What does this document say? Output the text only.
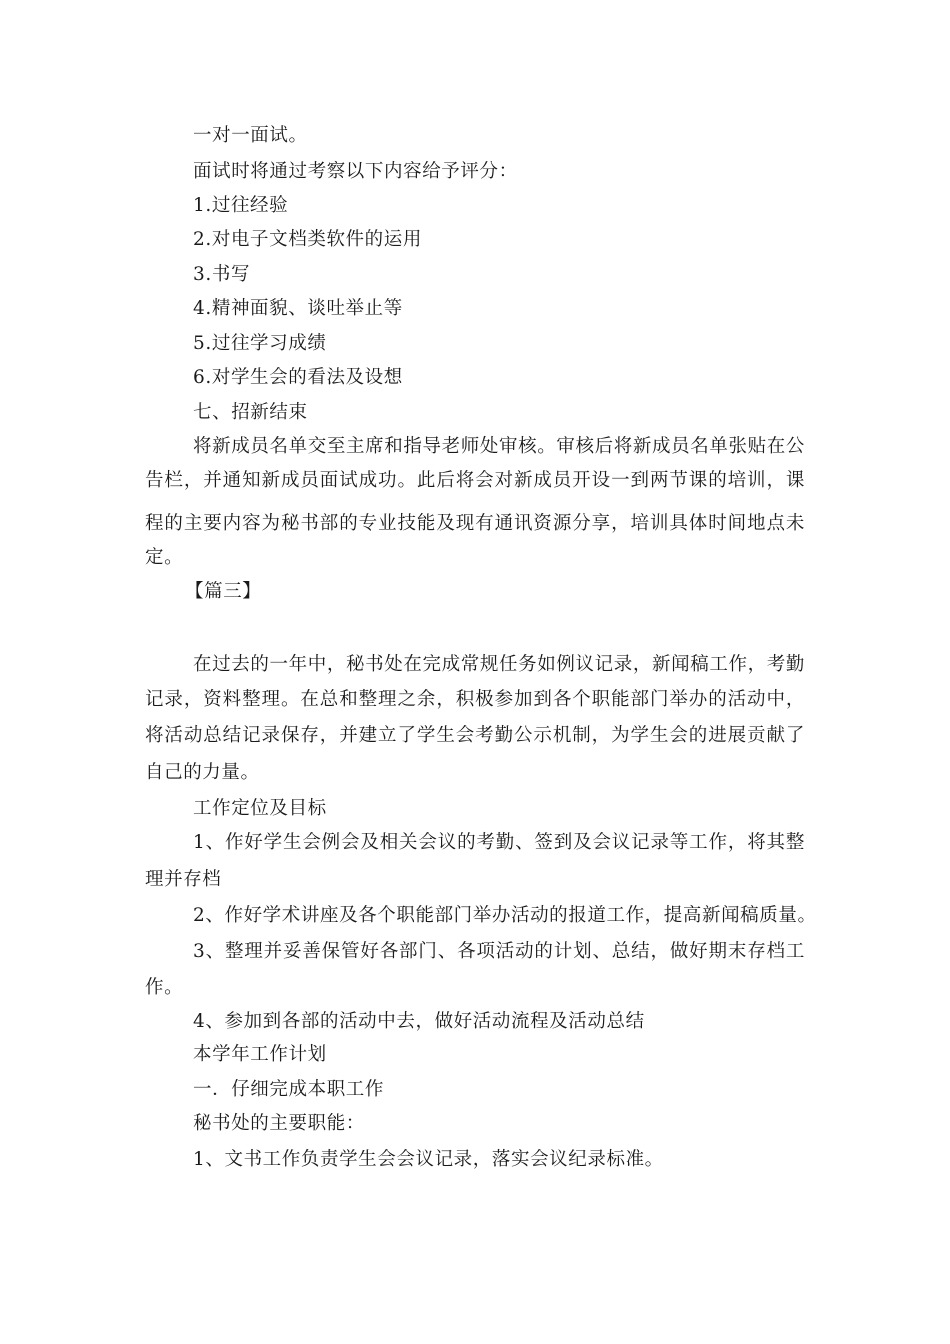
一对一面试。
面试时将通过考察以下内容给予评分：
1.过往经验
2.对电子文档类软件的运用
3.书写
4.精神面貌、谈吐举止等
5.过往学习成绩
6.对学生会的看法及设想
七、招新结束
将新成员名单交至主席和指导老师处审核。审核后将新成员名单张贴在公
告栏，并通知新成员面试成功。此后将会对新成员开设一到两节课的培训，课
程的主要内容为秘书部的专业技能及现有通讯资源分享，培训具体时间地点未
定。
【篇三】
在过去的一年中，秘书处在完成常规任务如例议记录，新闻稿工作，考勤
记录，资料整理。在总和整理之余，积极参加到各个职能部门举办的活动中，
将活动总结记录保存，并建立了学生会考勤公示机制，为学生会的进展贡献了
自己的力量。
工作定位及目标
1、作好学生会例会及相关会议的考勤、签到及会议记录等工作，将其整
理并存档
2、作好学术讲座及各个职能部门举办活动的报道工作，提高新闻稿质量。
3、整理并妥善保管好各部门、各项活动的计划、总结，做好期末存档工
作。
4、参加到各部的活动中去，做好活动流程及活动总结
本学年工作计划
一．仔细完成本职工作
秘书处的主要职能：
1、文书工作负责学生会会议记录，落实会议纪录标准。
